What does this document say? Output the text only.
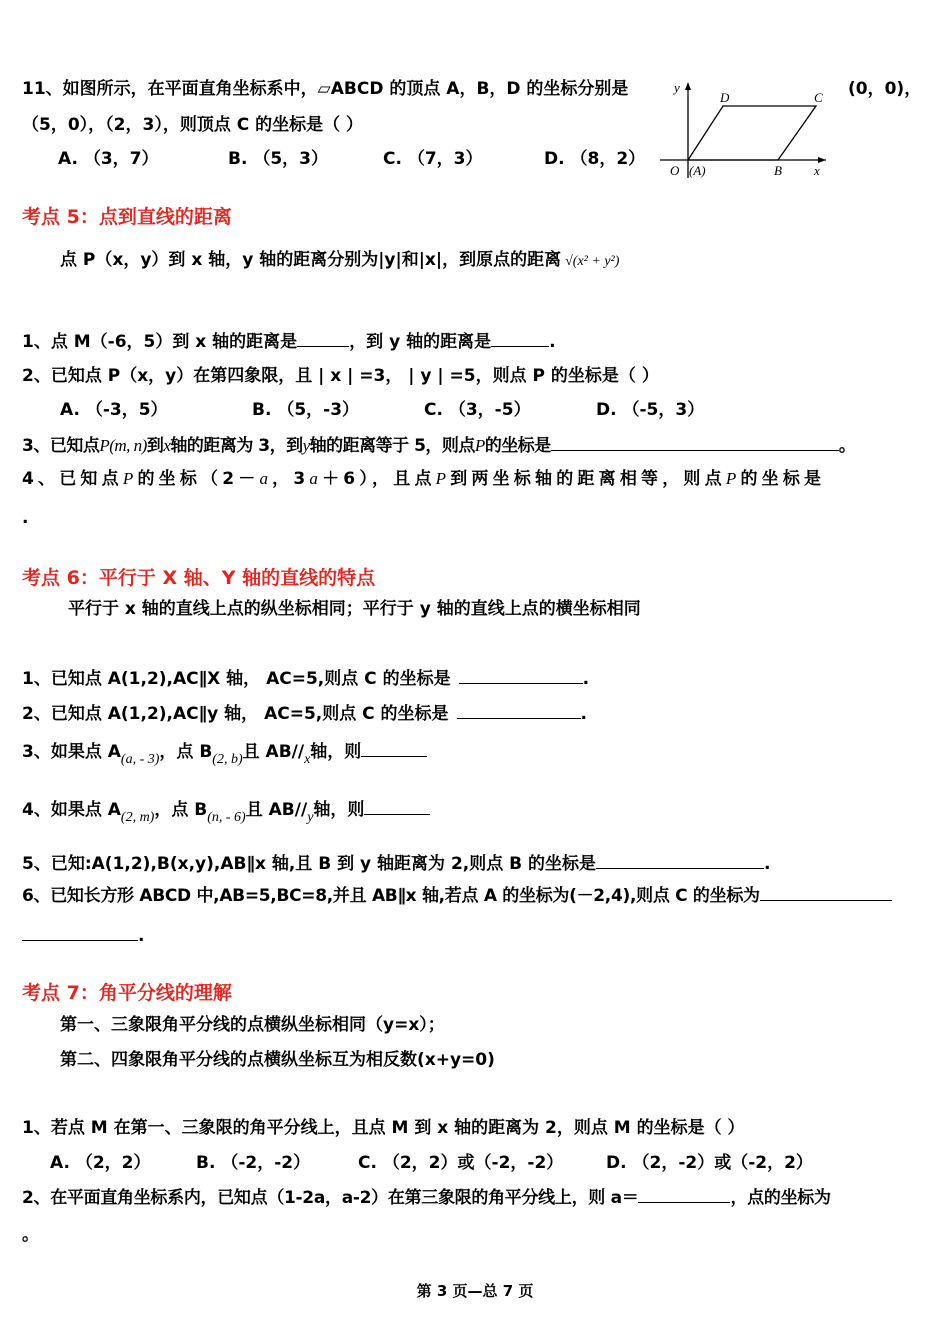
11、如图所示，在平面直角坐标系中，▱ABCD 的顶点 A，B，D 的坐标分别是	(0，0)，
（5，0），（2，3），则顶点 C 的坐标是（ ）
A. （3，7）	B. （5，3）	C. （7，3）	D. （8，2）
y
x
O (A)	B
C
D
考点 5：点到直线的距离
点 P（x，y）到 x 轴，y 轴的距离分别为|y|和|x|，到原点的距离 √(x² + y²)
1、点 M（-6，5）到 x 轴的距离是	，到 y 轴的距离是	.
2、已知点 P（x，y）在第四象限，且 | x | =3， | y | =5，则点 P 的坐标是（ ）
A. （-3，5）	B. （5，-3）	C. （3，-5）	D. （-5，3）
3、已知点P(m, n)到x轴的距离为 3，到y轴的距离等于 5，则点P的坐标是	。
4、已知点P的坐标（2－a，3a＋6），且点P到两坐标轴的距离相等，则点P的坐标是
.
考点 6：平行于 X 轴、Y 轴的直线的特点
平行于 x 轴的直线上点的纵坐标相同；平行于 y 轴的直线上点的横坐标相同
1、已知点 A(1,2),AC∥X 轴， AC=5,则点 C 的坐标是	.
2、已知点 A(1,2),AC∥y 轴， AC=5,则点 C 的坐标是	.
3、如果点 $A_{(a, - 3)}$，点 $B_{(2, b)}$且 $AB//_x$轴，则
4、如果点 $A_{(2, m)}$，点 $B_{(n, - 6)}$且 $AB//_y$轴，则
5、已知:A(1,2),B(x,y),AB∥x 轴,且 B 到 y 轴距离为 2,则点 B 的坐标是	.
6、已知长方形 ABCD 中,AB=5,BC=8,并且 AB∥x 轴,若点 A 的坐标为(－2,4),则点 C 的坐标为
.
考点 7：角平分线的理解
第一、三象限角平分线的点横纵坐标相同（y=x）；
第二、四象限角平分线的点横纵坐标互为相反数(x+y=0)
1、若点 M 在第一、三象限的角平分线上，且点 M 到 x 轴的距离为 2，则点 M 的坐标是（ ）
A. （2，2）	B. （-2，-2）	C. （2，2）或（-2，-2）	D. （2，-2）或（-2，2）
2、在平面直角坐标系内，已知点（1-2a，a-2）在第三象限的角平分线上，则 a＝	，点的坐标为
。
第 3 页—总 7 页
